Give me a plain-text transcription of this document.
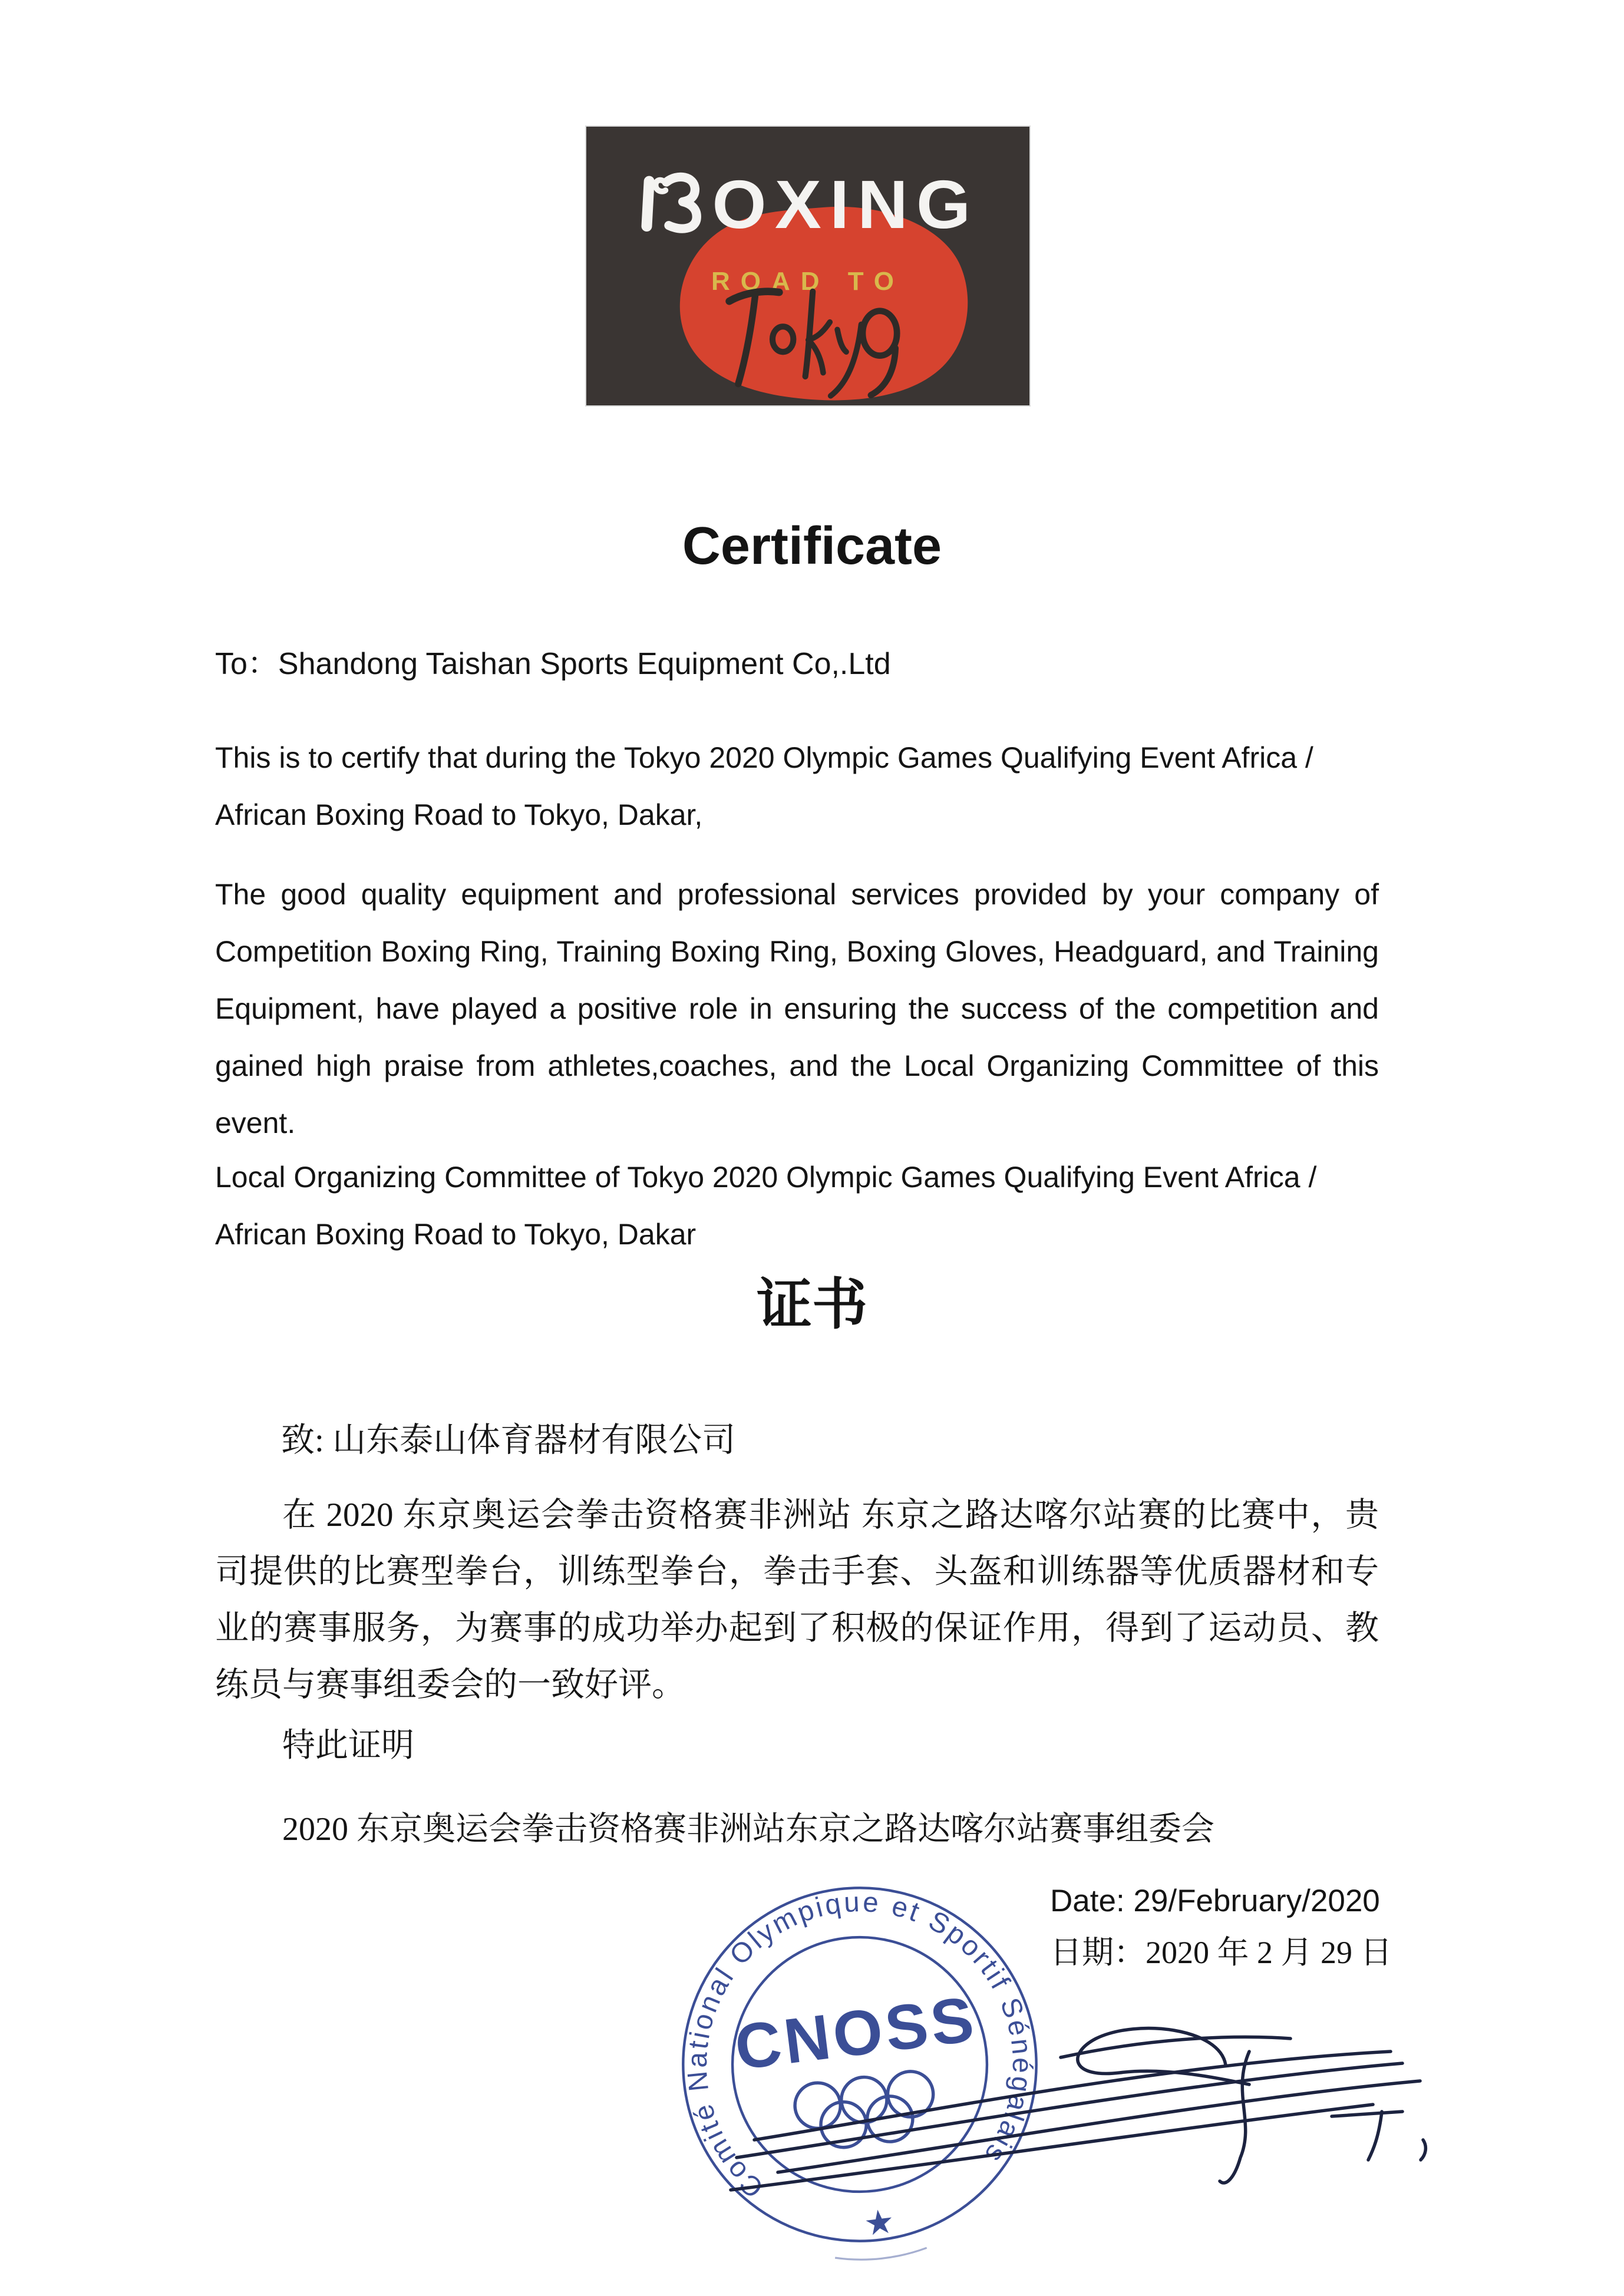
OXING
ROAD TO
Certificate
To：Shandong Taishan Sports Equipment Co,.Ltd
This is to certify that during the Tokyo 2020 Olympic Games Qualifying Event Africa / African Boxing Road to Tokyo, Dakar,
The good quality equipment and professional services provided by your company of Competition Boxing Ring, Training Boxing Ring, Boxing Gloves, Headguard, and Training Equipment, have played a positive role in ensuring the success of the competition and gained high praise from athletes,coaches, and the Local Organizing Committee of this event.
Local Organizing Committee of Tokyo 2020 Olympic Games Qualifying Event Africa / African Boxing Road to Tokyo, Dakar
证书
致: 山东泰山体育器材有限公司
在 2020 东京奥运会拳击资格赛非洲站 东京之路达喀尔站赛的比赛中，贵司提供的比赛型拳台，训练型拳台，拳击手套、头盔和训练器等优质器材和专业的赛事服务，为赛事的成功举办起到了积极的保证作用，得到了运动员、教练员与赛事组委会的一致好评。
特此证明
2020 东京奥运会拳击资格赛非洲站东京之路达喀尔站赛事组委会
Date: 29/February/2020
日期：2020 年 2 月 29 日
Comité National Olympique et Sportif Sénégalais
★
CNOSS
